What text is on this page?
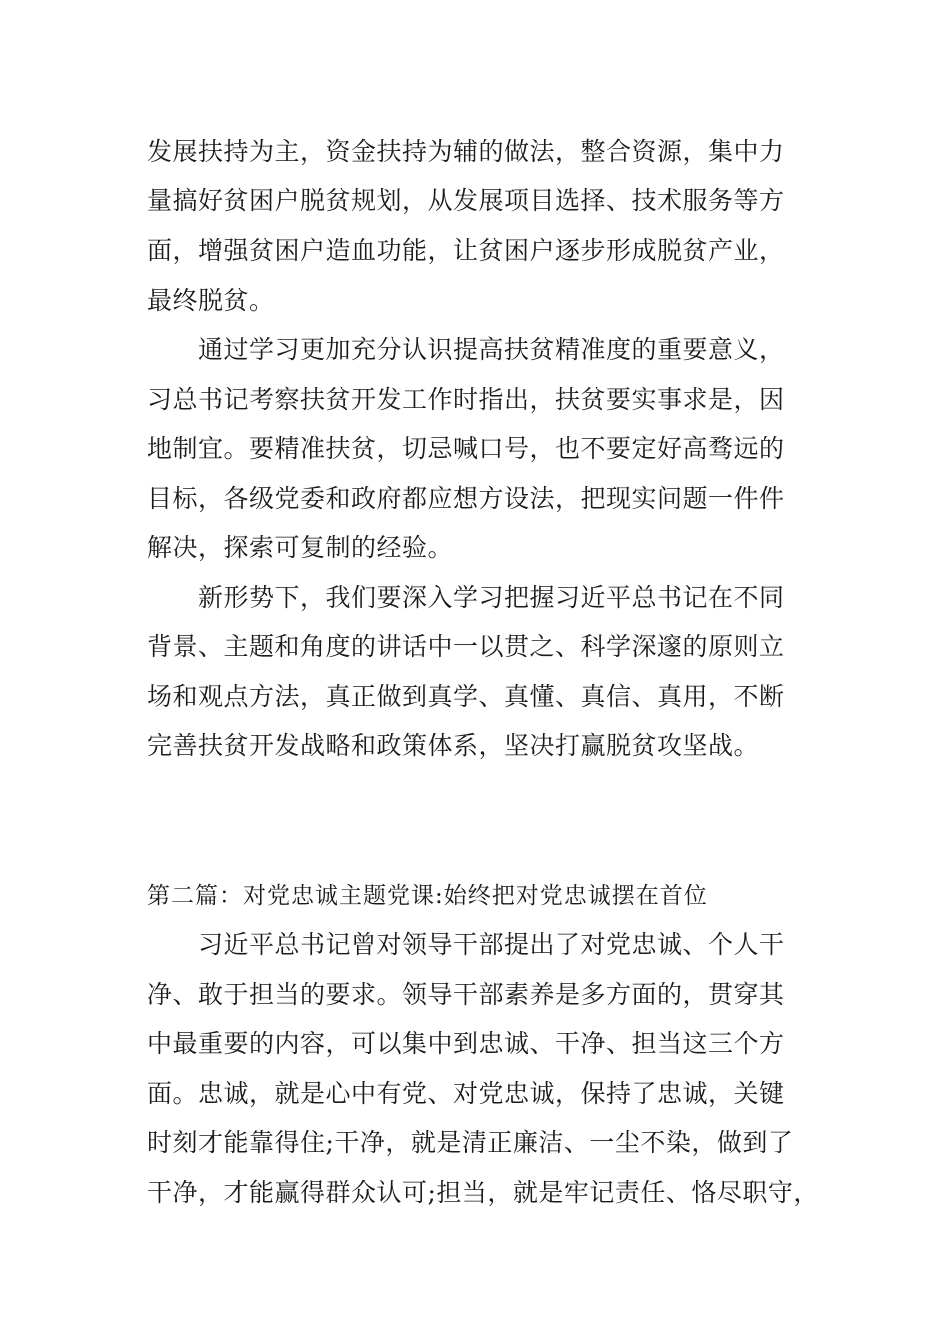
发展扶持为主，资金扶持为辅的做法，整合资源，集中力
量搞好贫困户脱贫规划，从发展项目选择、技术服务等方
面，增强贫困户造血功能，让贫困户逐步形成脱贫产业，
最终脱贫。
　　通过学习更加充分认识提高扶贫精准度的重要意义，
习总书记考察扶贫开发工作时指出，扶贫要实事求是，因
地制宜。要精准扶贫，切忌喊口号，也不要定好高骛远的
目标，各级党委和政府都应想方设法，把现实问题一件件
解决，探索可复制的经验。
　　新形势下，我们要深入学习把握习近平总书记在不同
背景、主题和角度的讲话中一以贯之、科学深邃的原则立
场和观点方法，真正做到真学、真懂、真信、真用，不断
完善扶贫开发战略和政策体系，坚决打赢脱贫攻坚战。
第二篇：对党忠诚主题党课:始终把对党忠诚摆在首位
　　习近平总书记曾对领导干部提出了对党忠诚、个人干
净、敢于担当的要求。领导干部素养是多方面的，贯穿其
中最重要的内容，可以集中到忠诚、干净、担当这三个方
面。忠诚，就是心中有党、对党忠诚，保持了忠诚，关键
时刻才能靠得住;干净，就是清正廉洁、一尘不染，做到了
干净，才能赢得群众认可;担当，就是牢记责任、恪尽职守，
